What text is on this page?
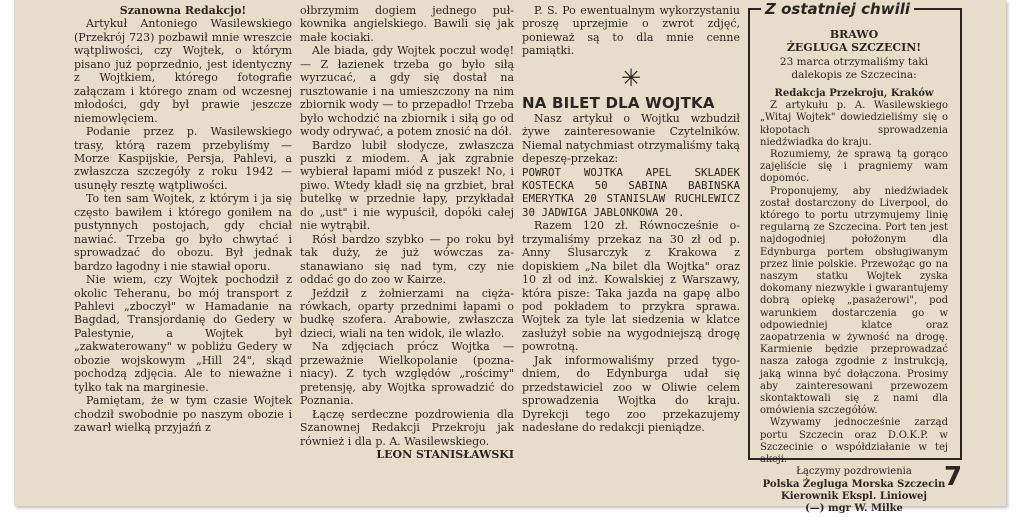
Szanowna Redakcjo!

Artykuł Antoniego Wasilewskiego (Przekrój 723) pozbawił mnie wreszcie wątpliwości, czy Wojtek, o którym pisano już poprzednio, jest identyczny z Wojtkiem, którego fotografie załączam i którego znam od wczesnej młodości, gdy był prawie jeszcze niemowlęciem.

Podanie przez p. Wasilewskiego trasy, którą razem przebyliśmy — Morze Kaspijskie, Persja, Pahlevi, a zwłaszcza szczegóły z roku 1942 — usunęły resztę wątpliwości.

To ten sam Wojtek, z którym i ja się często bawiłem i którego goniłem na pustynnych postojach, gdy chciał nawiać. Trzeba go było chwytać i sprowadzać do obozu. Był jednak bardzo łagodny i nie stawiał oporu.

Nie wiem, czy Wojtek pochodził z okolic Teheranu, bo mój transport z Pahlevi „zboczył" w Hamadanie na Bagdad, Transjordanię do Gedery w Palestynie, a Wojtek był „zakwaterowany" w pobliżu Gedery w obozie wojskowym „Hill 24", skąd pochodzą zdjęcia. Ale to nieważne i tylko tak na marginesie.

Pamiętam, że w tym czasie Wojtek chodził swobodnie po naszym obozie i zawarł wielką przyjaźń z

ołbrzymim dogiem jednego pułkownika angielskiego. Bawili się jak małe kociaki.

Ale biada, gdy Wojtek poczuł wodę! — Z łazienek trzeba go było siłą wyrzucać, a gdy się dostał na rusztowanie i na umieszczony na nim zbiornik wody — to przepadło! Trzeba było wchodzić na zbiornik i siłą go od wody odrywać, a potem znosić na dół.

Bardzo lubił słodycze, zwłaszcza puszki z miodem. A jak zgrabnie wybierał łapami miód z puszek! No, i piwo. Wtedy kładł się na grzbiet, brał butelkę w przednie łapy, przykładał do „ust" i nie wypuścił, dopóki całej nie wytrąbił.

Rósł bardzo szybko — po roku był tak duży, że już wówczas zastanawiano się nad tym, czy nie oddać go do zoo w Kairze.

Jeździł z żołnierzami na ciężarówkach, oparty przednimi łapami o budkę szofera. Arabowie, zwłaszcza dzieci, wiali na ten widok, ile wlazło.

Na zdjęciach prócz Wojtka — przeważnie Wielkopolanie (poznaniacy). Z tych względów „rościmy" pretensję, aby Wojtka sprowadzić do Poznania.

Łączę serdeczne pozdrowienia dla Szanownej Redakcji Przekroju jak również i dla p. A. Wasilewskiego.

LEON STANISŁAWSKI

P. S. Po ewentualnym wykorzystaniu proszę uprzejmie o zwrot zdjęć, ponieważ są to dla mnie cenne pamiątki.

✳

NA BILET DLA WOJTKA

Nasz artykuł o Wojtku wzbudził żywe zainteresowanie Czytelników. Niemal natychmiast otrzymaliśmy taką depeszę-przekaz:

POWROT WOJTKA APEL SKLADEK KOSTECKA 50 SABINA BABINSKA EMERYTKA 20 STANISLAW RUCHLEWICZ 30 JADWIGA JABLONKOWA 20.

Razem 120 zł. Równocześnie otrzymaliśmy przekaz na 30 zł od p. Anny Ślusarczyk z Krakowa z dopiskiem „Na bilet dla Wojtka" oraz 10 zł od inż. Kowalskiej z Warszawy, która pisze: Taka jazda na gapę albo pod pokładem to przykra sprawa. Wojtek za tyle lat siedzenia w klatce zasłużył sobie na wygodniejszą drogę powrotną.

Jak informowaliśmy przed tygodniem, do Edynburga udał się przedstawiciel zoo w Oliwie celem sprowadzenia Wojtka do kraju. Dyrekcji tego zoo przekazujemy nadesłane do redakcji pieniądze.

Z ostatniej chwili

BRAWO

ŻEGLUGA SZCZECIN!

23 marca otrzymaliśmy taki dalekopis ze Szczecina:

Redakcja Przekroju, Kraków

Z artykułu p. A. Wasilewskiego „Witaj Wojtek" dowiedzieliśmy się o kłopotach sprowadzenia niedźwiadka do kraju.

Rozumiemy, że sprawą tą gorąco zajęliście się i pragniemy wam dopomóc.

Proponujemy, aby niedźwiadek został dostarczony do Liverpool, do którego to portu utrzymujemy linię regularną ze Szczecina. Port ten jest najdogodniej położonym dla Edynburga portem obsługiwanym przez linie polskie. Przewożąc go na naszym statku Wojtek zyska dokomany niezwykle i gwarantujemy dobrą opiekę „pasażerowi", pod warunkiem dostarczenia go w odpowiedniej klatce oraz zaopatrzenia w żywność na drogę. Karmienie będzie przeprowadzać nasza załoga zgodnie z instrukcją, jaką winna być dołączona. Prosimy aby zainteresowani przewozem skontaktowali się z nami dla omówienia szczegółów.

Wzywamy jednocześnie zarząd portu Szczecin oraz D.O.K.P. w Szczecinie o współdziałanie w tej akcji.

Łączymy pozdrowienia

Polska Żegluga Morska Szczecin

Kierownik Ekspl. Liniowej

(—) mgr W. Milke

7
